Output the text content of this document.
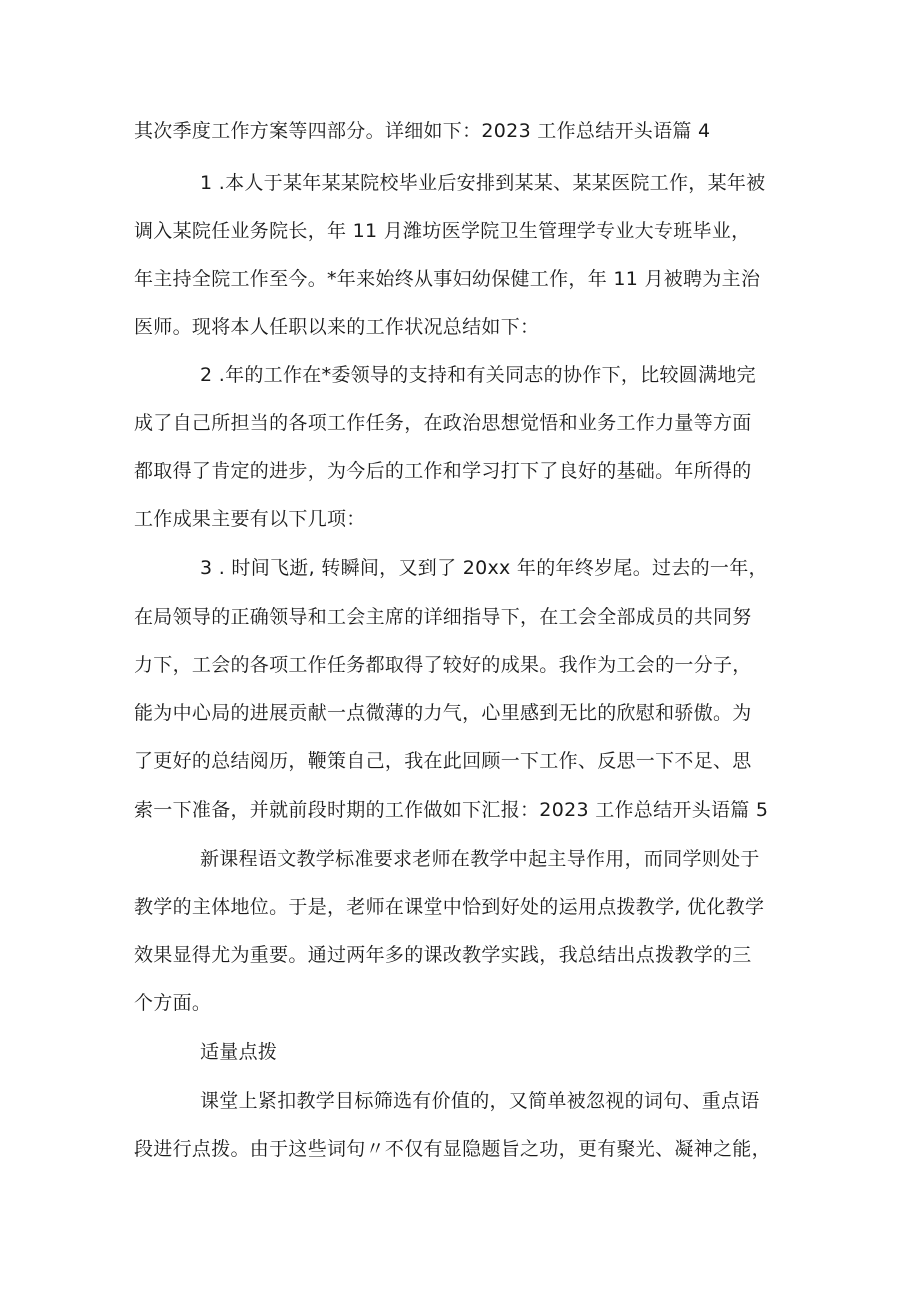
其次季度工作方案等四部分。详细如下：2023 工作总结开头语篇 4
1 .本人于某年某某院校毕业后安排到某某、某某医院工作，某年被
调入某院任业务院长，年 11 月潍坊医学院卫生管理学专业大专班毕业，
年主持全院工作至今。*年来始终从事妇幼保健工作，年 11 月被聘为主治
医师。现将本人任职以来的工作状况总结如下：
2 .年的工作在*委领导的支持和有关同志的协作下，比较圆满地完
成了自己所担当的各项工作任务，在政治思想觉悟和业务工作力量等方面
都取得了肯定的进步，为今后的工作和学习打下了良好的基础。年所得的
工作成果主要有以下几项：
3 . 时间飞逝, 转瞬间，又到了 20xx 年的年终岁尾。过去的一年，
在局领导的正确领导和工会主席的详细指导下，在工会全部成员的共同努
力下，工会的各项工作任务都取得了较好的成果。我作为工会的一分子，
能为中心局的进展贡献一点微薄的力气，心里感到无比的欣慰和骄傲。为
了更好的总结阅历，鞭策自己，我在此回顾一下工作、反思一下不足、思
索一下准备，并就前段时期的工作做如下汇报：2023 工作总结开头语篇 5
新课程语文教学标准要求老师在教学中起主导作用，而同学则处于
教学的主体地位。于是，老师在课堂中恰到好处的运用点拨教学, 优化教学
效果显得尤为重要。通过两年多的课改教学实践，我总结出点拨教学的三
个方面。
适量点拨
课堂上紧扣教学目标筛选有价值的，又简单被忽视的词句、重点语
段进行点拨。由于这些词句〃不仅有显隐题旨之功，更有聚光、凝神之能，
